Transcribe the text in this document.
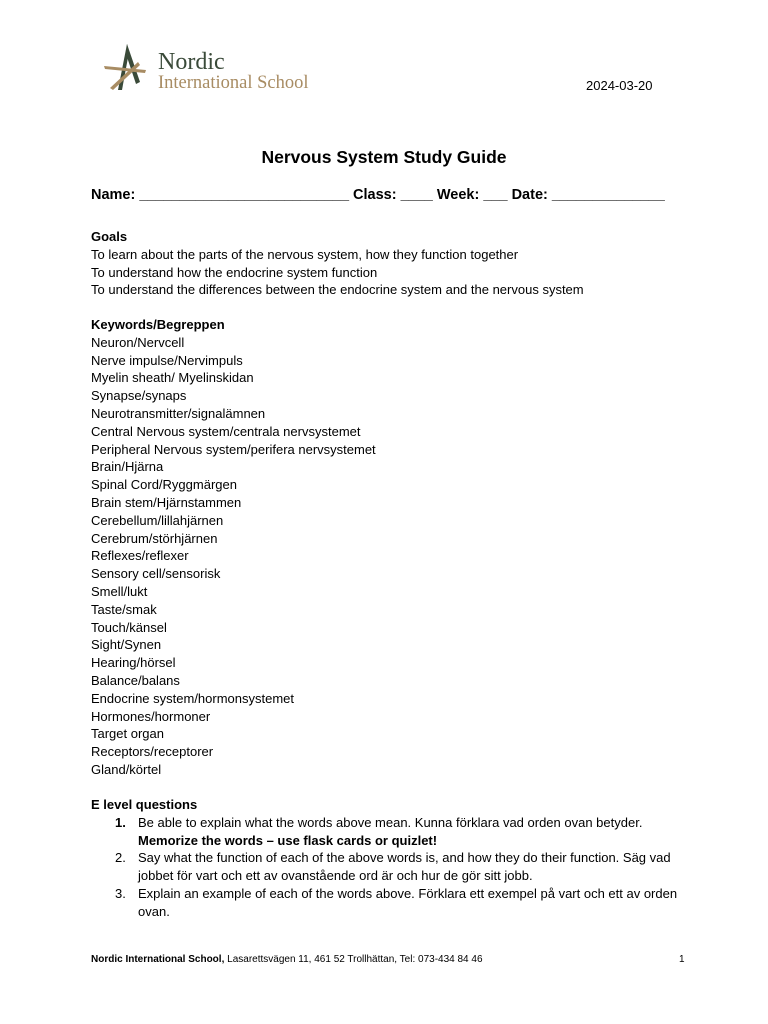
Nordic
International School	2024-03-20
Nervous System Study Guide
Name: __________________________ Class: ____ Week: ___ Date: ______________
Goals
To learn about the parts of the nervous system, how they function together
To understand how the endocrine system function
To understand the differences between the endocrine system and the nervous system
Keywords/Begreppen
Neuron/Nervcell
Nerve impulse/Nervimpuls
Myelin sheath/ Myelinskidan
Synapse/synaps
Neurotransmitter/signalämnen
Central Nervous system/centrala nervsystemet
Peripheral Nervous system/perifera nervsystemet
Brain/Hjärna
Spinal Cord/Ryggmärgen
Brain stem/Hjärnstammen
Cerebellum/lillahjärnen
Cerebrum/störhjärnen
Reflexes/reflexer
Sensory cell/sensorisk
Smell/lukt
Taste/smak
Touch/känsel
Sight/Synen
Hearing/hörsel
Balance/balans
Endocrine system/hormonsystemet
Hormones/hormoner
Target organ
Receptors/receptorer
Gland/körtel
E level questions
1. Be able to explain what the words above mean. Kunna förklara vad orden ovan betyder. Memorize the words – use flask cards or quizlet!
2. Say what the function of each of the above words is, and how they do their function. Säg vad jobbet för vart och ett av ovanstående ord är och hur de gör sitt jobb.
3. Explain an example of each of the words above. Förklara ett exempel på vart och ett av orden ovan.
Nordic International School, Lasarettsvägen 11, 461 52 Trollhättan, Tel: 073-434 84 46	1
